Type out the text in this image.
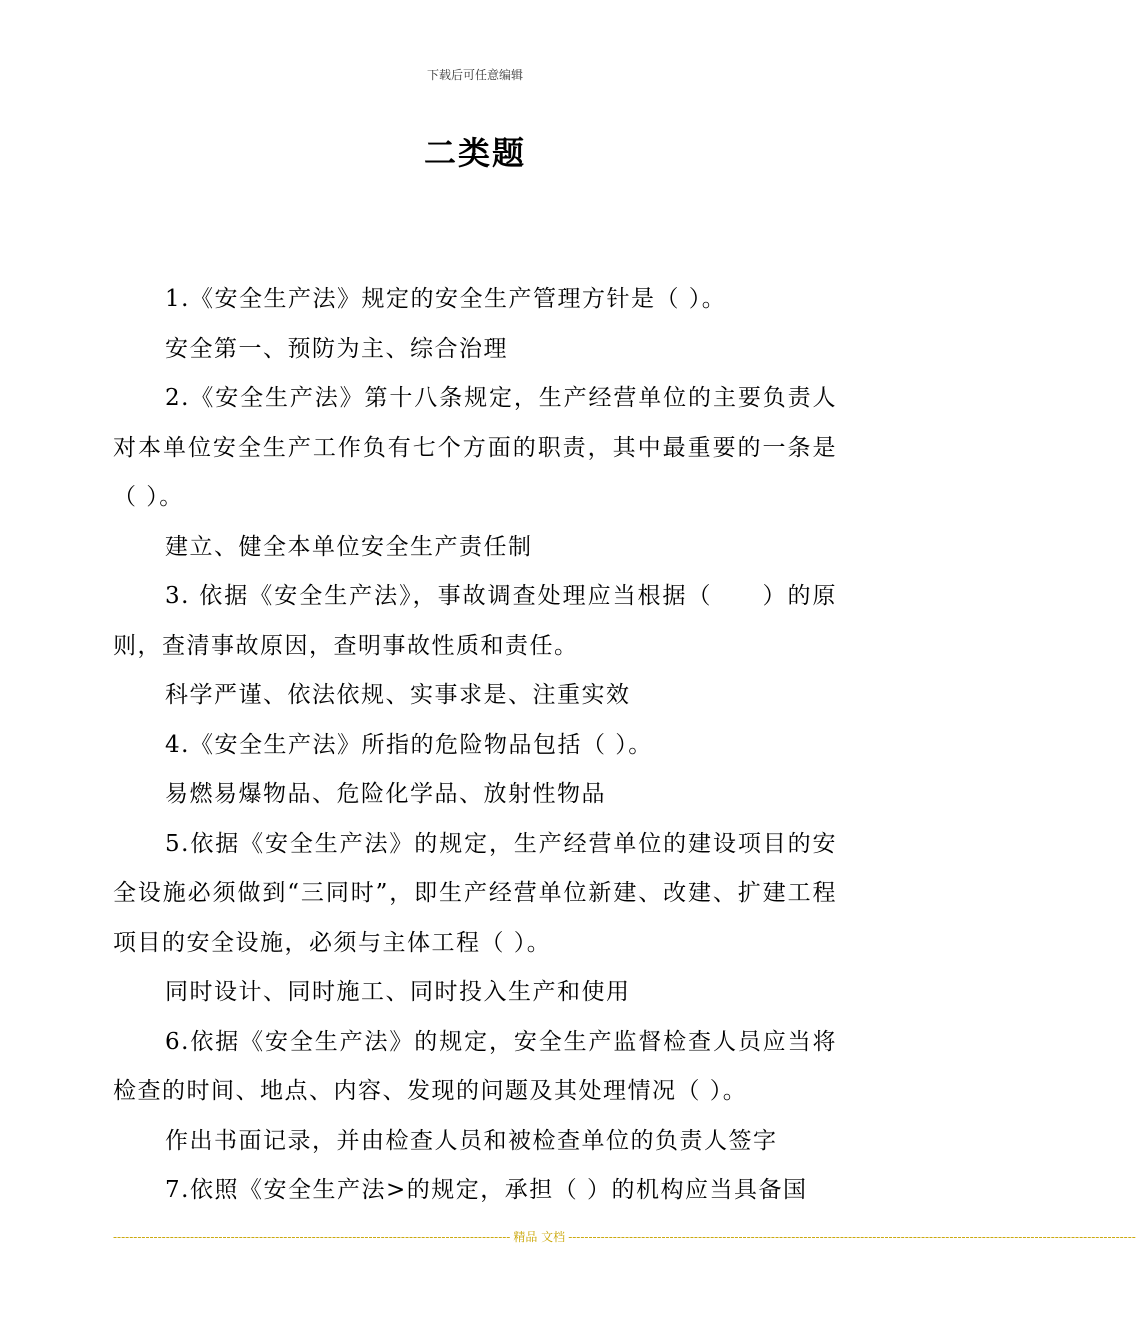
下载后可任意编辑
二类题

1.《安全生产法》规定的安全生产管理方针是（ ）。

安全第一、预防为主、综合治理

2.《安全生产法》第十八条规定，生产经营单位的主要负责人对本单位安全生产工作负有七个方面的职责，其中最重要的一条是（ ）。

建立、健全本单位安全生产责任制

3. 依据《安全生产法》，事故调查处理应当根据（　　）的原则，查清事故原因，查明事故性质和责任。

科学严谨、依法依规、实事求是、注重实效

4.《安全生产法》所指的危险物品包括（ ）。

易燃易爆物品、危险化学品、放射性物品

5.依据《安全生产法》的规定，生产经营单位的建设项目的安全设施必须做到“三同时”，即生产经营单位新建、改建、扩建工程项目的安全设施，必须与主体工程（ ）。

同时设计、同时施工、同时投入生产和使用

6.依据《安全生产法》的规定，安全生产监督检查人员应当将检查的时间、地点、内容、发现的问题及其处理情况（ ）。

作出书面记录，并由检查人员和被检查单位的负责人签字

7.依照《安全生产法>的规定，承担（ ）的机构应当具备国

-------------------------------------------------------------------------------------------------- 精品 文档 --------------------------------------------------------------------------------------------------------------------------------------------
